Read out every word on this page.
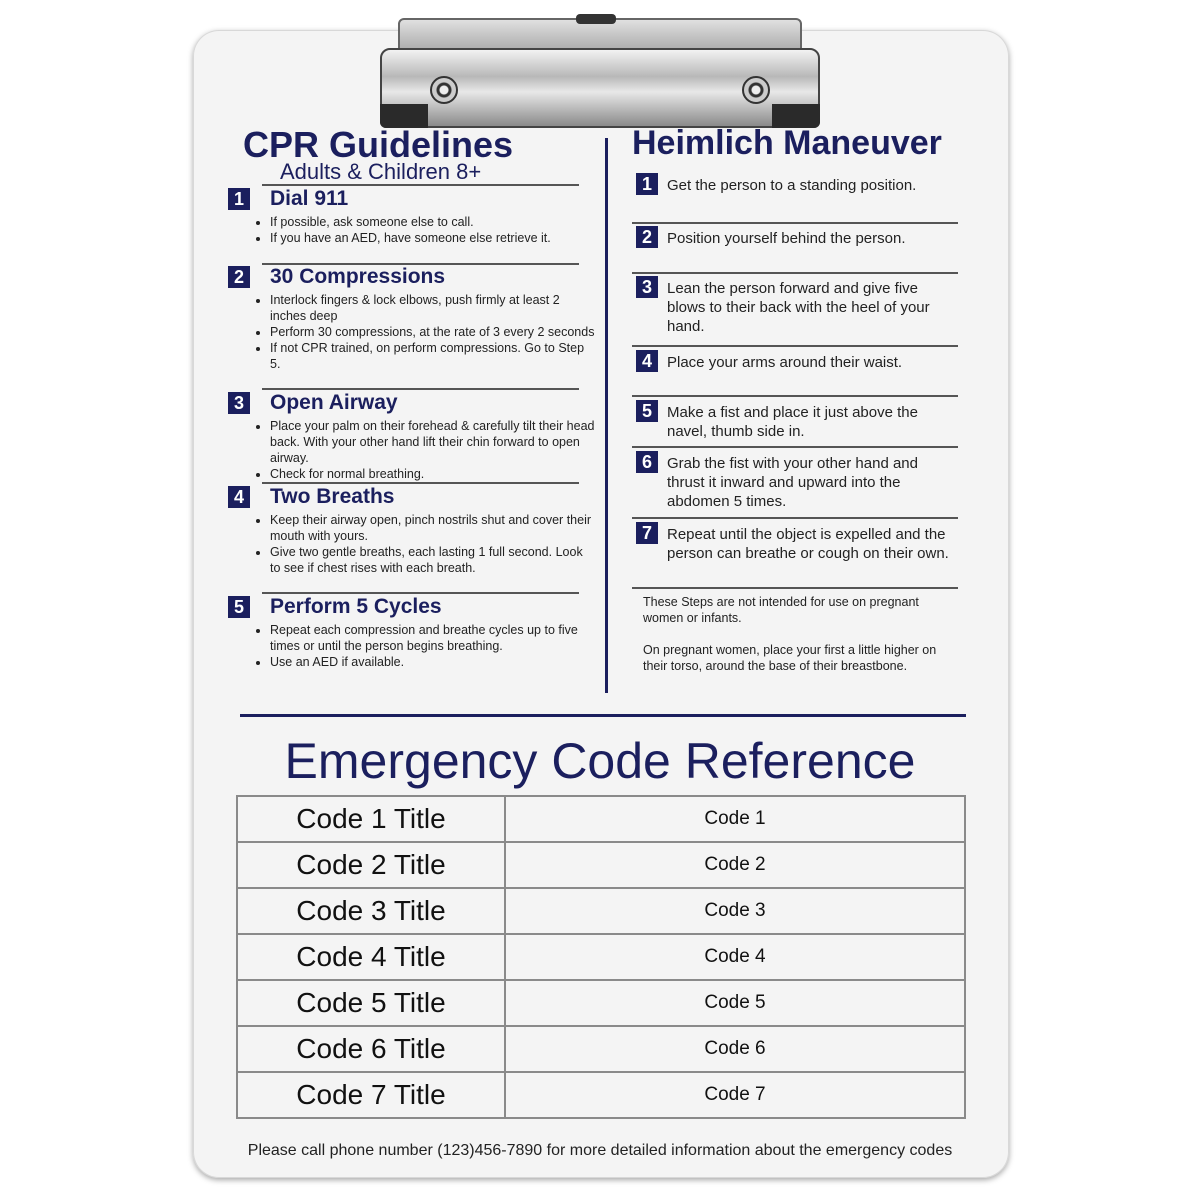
CPR Guidelines
Adults & Children 8+
1 Dial 911
• If possible, ask someone else to call.
• If you have an AED, have someone else retrieve it.
2 30 Compressions
• Interlock fingers & lock elbows, push firmly at least 2 inches deep
• Perform 30 compressions, at the rate of 3 every 2 seconds
• If not CPR trained, on perform compressions. Go to Step 5.
3 Open Airway
• Place your palm on their forehead & carefully tilt their head back. With your other hand lift their chin forward to open airway.
• Check for normal breathing.
4 Two Breaths
• Keep their airway open, pinch nostrils shut and cover their mouth with yours.
• Give two gentle breaths, each lasting 1 full second. Look to see if chest rises with each breath.
5 Perform 5 Cycles
• Repeat each compression and breathe cycles up to five times or until the person begins breathing.
• Use an AED if available.
Heimlich Maneuver
1	Get the person to a standing position.
2	Position yourself behind the person.
3	Lean the person forward and give five blows to their back with the heel of your hand.
4	Place your arms around their waist.
5	Make a fist and place it just above the navel, thumb side in.
6	Grab the fist with your other hand and thrust it inward and upward into the abdomen 5 times.
7	Repeat until the object is expelled and the person can breathe or cough on their own.
These Steps are not intended for use on pregnant women or infants.
On pregnant women, place your first a little higher on their torso, around the base of their breastbone.
Emergency Code Reference
Code 1 Title	Code 1
Code 2 Title	Code 2
Code 3 Title	Code 3
Code 4 Title	Code 4
Code 5 Title	Code 5
Code 6 Title	Code 6
Code 7 Title	Code 7
Please call phone number (123)456-7890 for more detailed information about the emergency codes
